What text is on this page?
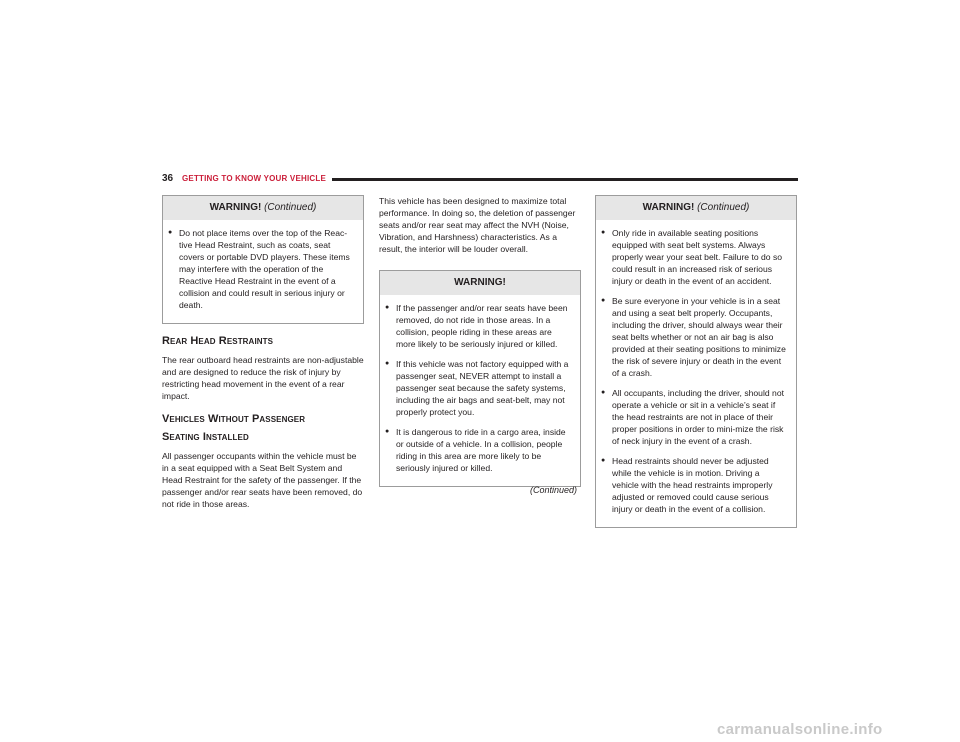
36 GETTING TO KNOW YOUR VEHICLE
WARNING! (Continued)
● Do not place items over the top of the Reac-tive Head Restraint, such as coats, seat covers or portable DVD players. These items may interfere with the operation of the Reactive Head Restraint in the event of a collision and could result in serious injury or death.
Rear Head Restraints

The rear outboard head restraints are non-adjustable and are designed to reduce the risk of injury by restricting head movement in the event of a rear impact.

Vehicles Without Passenger
Seating Installed

All passenger occupants within the vehicle must be in a seat equipped with a Seat Belt System and Head Restraint for the safety of the passenger. If the passenger and/or rear seats have been removed, do not ride in those areas.

This vehicle has been designed to maximize total performance. In doing so, the deletion of passenger seats and/or rear seat may affect the NVH (Noise, Vibration, and Harshness) characteristics. As a result, the interior will be louder overall.

WARNING!
● If the passenger and/or rear seats have been removed, do not ride in those areas. In a collision, people riding in these areas are more likely to be seriously injured or killed.
● If this vehicle was not factory equipped with a passenger seat, NEVER attempt to install a passenger seat because the safety systems, including the air bags and seat-belt, may not properly protect you.
● It is dangerous to ride in a cargo area, inside or outside of a vehicle. In a collision, people riding in this area are more likely to be seriously injured or killed.
(Continued)
WARNING! (Continued)
● Only ride in available seating positions equipped with seat belt systems. Always properly wear your seat belt. Failure to do so could result in an increased risk of serious injury or death in the event of an accident.
● Be sure everyone in your vehicle is in a seat and using a seat belt properly. Occupants, including the driver, should always wear their seat belts whether or not an air bag is also provided at their seating positions to minimize the risk of severe injury or death in the event of a crash.
● All occupants, including the driver, should not operate a vehicle or sit in a vehicle’s seat if the head restraints are not in place of their proper positions in order to mini-mize the risk of neck injury in the event of a crash.
● Head restraints should never be adjusted while the vehicle is in motion. Driving a vehicle with the head restraints improperly adjusted or removed could cause serious injury or death in the event of a collision.
carmanualsonline.info
